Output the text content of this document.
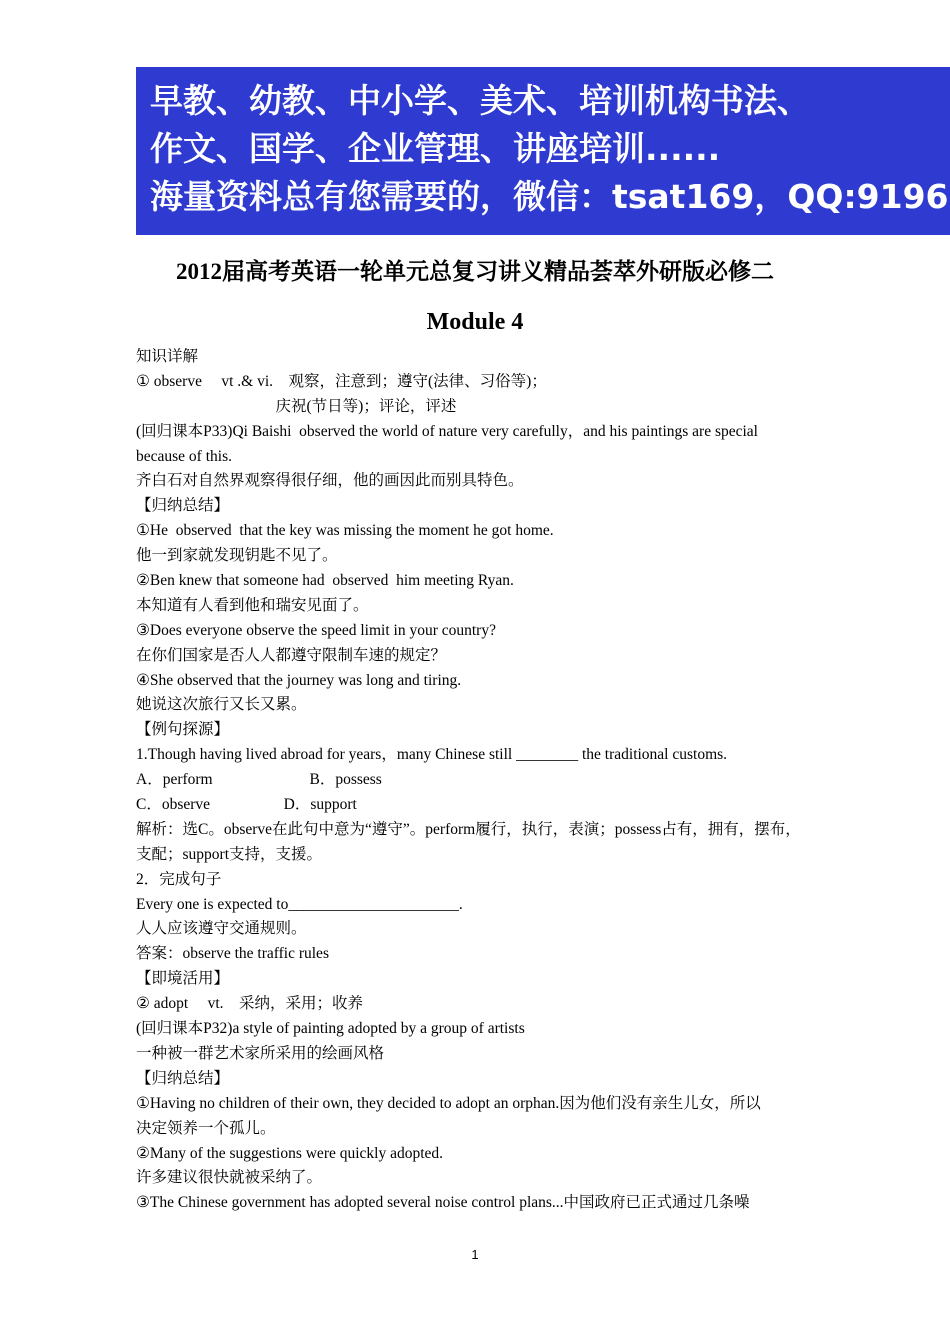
早教、幼教、中小学、美术、培训机构书法、
作文、国学、企业管理、讲座培训......
海量资料总有您需要的，微信：tsat169，QQ:9196
2012届高考英语一轮单元总复习讲义精品荟萃外研版必修二
Module 4
知识详解
① observe     vt .& vi.    观察，注意到；遵守(法律、习俗等)；
庆祝(节日等)；评论，评述
(回归课本P33)Qi Baishi  observed the world of nature very carefully，and his paintings are special
because of this.
齐白石对自然界观察得很仔细，他的画因此而别具特色。
【归纳总结】
①He  observed  that the key was missing the moment he got home.
他一到家就发现钥匙不见了。
②Ben knew that someone had  observed  him meeting Ryan.
本知道有人看到他和瑞安见面了。
③Does everyone observe the speed limit in your country?
在你们国家是否人人都遵守限制车速的规定？
④She observed that the journey was long and tiring.
她说这次旅行又长又累。
【例句探源】
1.Though having lived abroad for years，many Chinese still ________ the traditional customs.
A．perform                         B．possess
C．observe                   D．support
解析：选C。observe在此句中意为“遵守”。perform履行，执行，表演；possess占有，拥有，摆布，
支配；support支持，支援。
2．完成句子
Every one is expected to______________________.
人人应该遵守交通规则。
答案：observe the traffic rules
【即境活用】
② adopt     vt.    采纳，采用；收养
(回归课本P32)a style of painting adopted by a group of artists
一种被一群艺术家所采用的绘画风格
【归纳总结】
①Having no children of their own, they decided to adopt an orphan.因为他们没有亲生儿女，所以
决定领养一个孤儿。
②Many of the suggestions were quickly adopted.
许多建议很快就被采纳了。
③The Chinese government has adopted several noise control plans...中国政府已正式通过几条噪
1
